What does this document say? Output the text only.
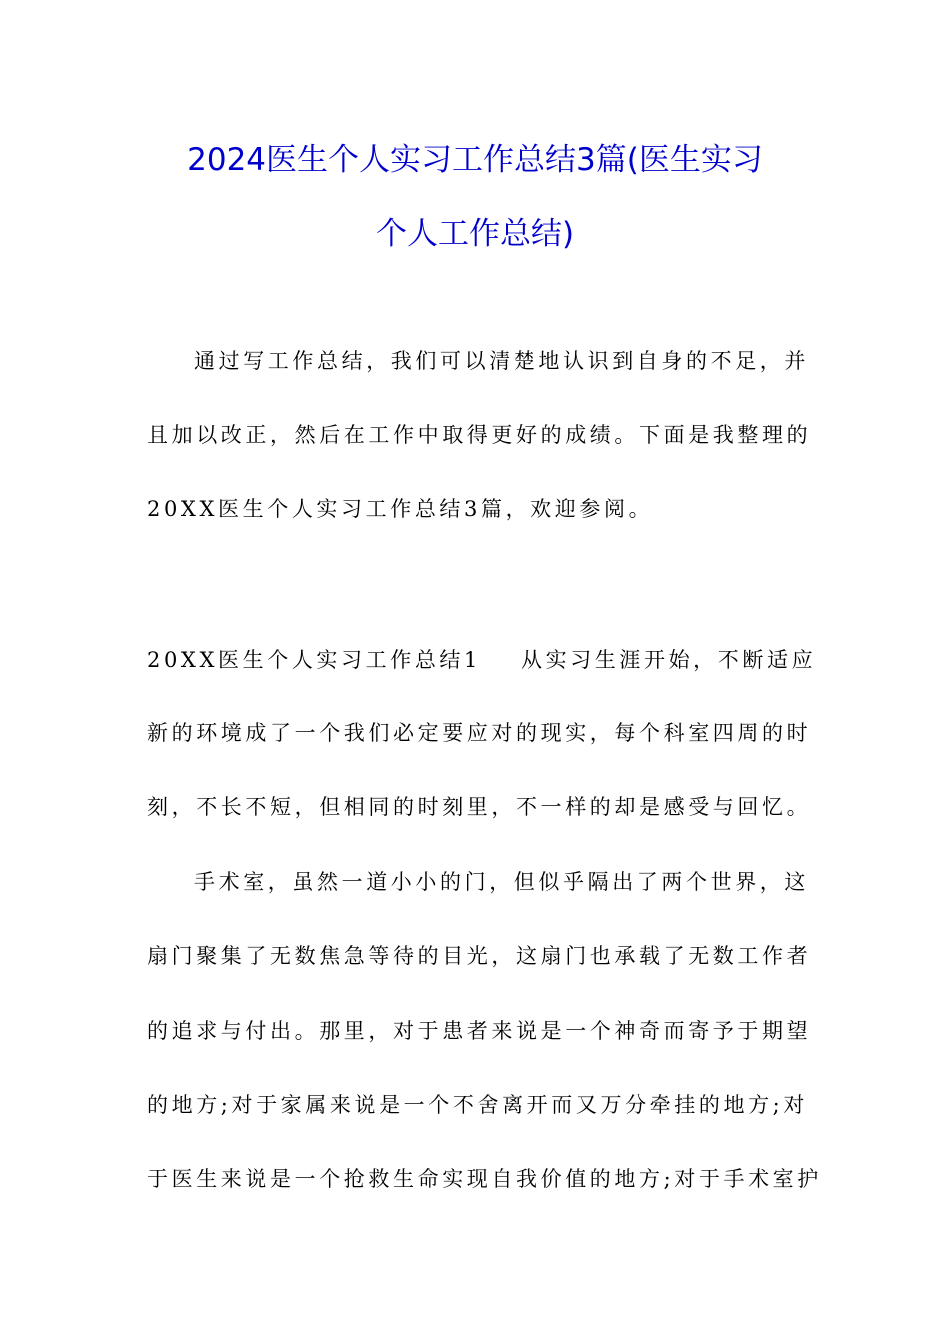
2024医生个人实习工作总结3篇(医生实习
个人工作总结)

通过写工作总结，我们可以清楚地认识到自身的不足，并

且加以改正，然后在工作中取得更好的成绩。下面是我整理的

20XX医生个人实习工作总结3篇，欢迎参阅。

20XX医生个人实习工作总结1 从实习生涯开始，不断适应

新的环境成了一个我们必定要应对的现实，每个科室四周的时

刻，不长不短，但相同的时刻里，不一样的却是感受与回忆。

手术室，虽然一道小小的门，但似乎隔出了两个世界，这

扇门聚集了无数焦急等待的目光，这扇门也承载了无数工作者

的追求与付出。那里，对于患者来说是一个神奇而寄予于期望

的地方;对于家属来说是一个不舍离开而又万分牵挂的地方;对

于医生来说是一个抢救生命实现自我价值的地方;对于手术室护
